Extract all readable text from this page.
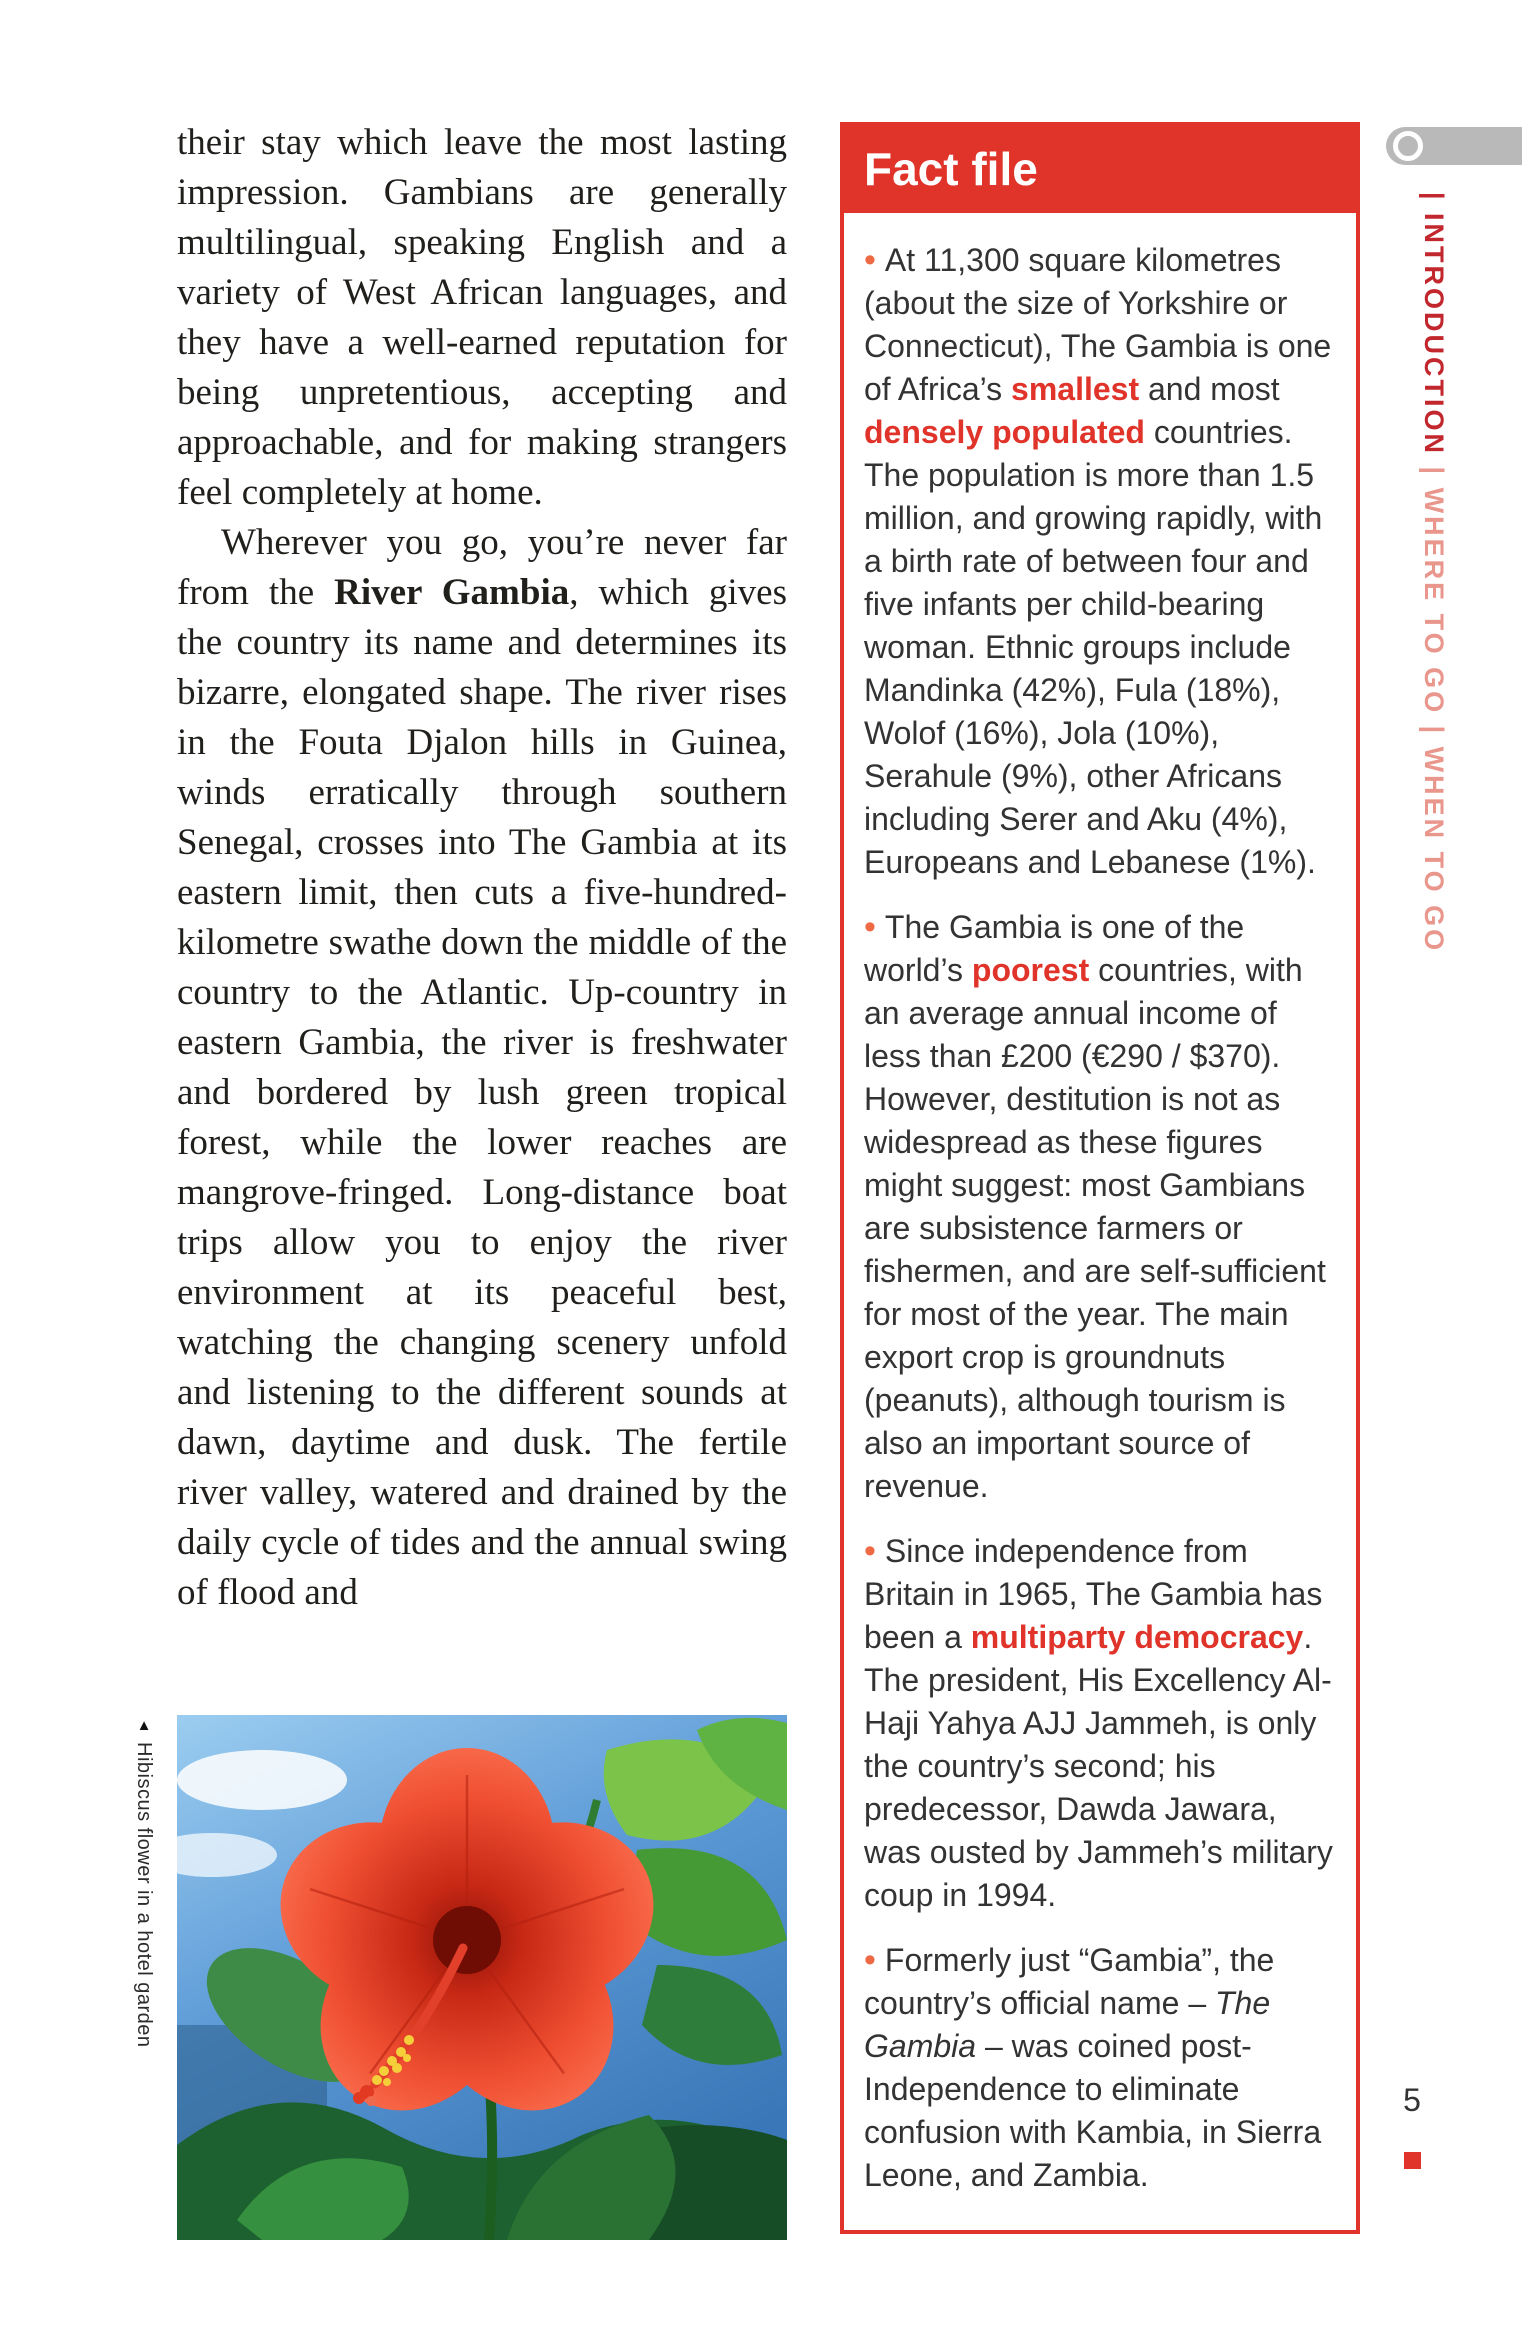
their stay which leave the most lasting impression. Gambians are generally multilingual, speaking English and a variety of West African languages, and they have a well-earned reputation for being unpretentious, accepting and approachable, and for making strangers feel completely at home.

Wherever you go, you’re never far from the River Gambia, which gives the country its name and determines its bizarre, elongated shape. The river rises in the Fouta Djalon hills in Guinea, winds erratically through southern Senegal, crosses into The Gambia at its eastern limit, then cuts a five-hundred-kilometre swathe down the middle of the country to the Atlantic. Up-country in eastern Gambia, the river is freshwater and bordered by lush green tropical forest, while the lower reaches are mangrove-fringed. Long-distance boat trips allow you to enjoy the river environment at its peaceful best, watching the changing scenery unfold and listening to the different sounds at dawn, daytime and dusk. The fertile river valley, watered and drained by the daily cycle of tides and the annual swing of flood and

▲
Hibiscus flower in a hotel garden
Fact file

• At 11,300 square kilometres (about the size of Yorkshire or Connecticut), The Gambia is one of Africa’s smallest and most densely populated countries. The population is more than 1.5 million, and growing rapidly, with a birth rate of between four and five infants per child-bearing woman. Ethnic groups include Mandinka (42%), Fula (18%), Wolof (16%), Jola (10%), Serahule (9%), other Africans including Serer and Aku (4%), Europeans and Lebanese (1%).

• The Gambia is one of the world’s poorest countries, with an average annual income of less than £200 (€290 / $370). However, destitution is not as widespread as these figures might suggest: most Gambians are subsistence farmers or fishermen, and are self-sufficient for most of the year. The main export crop is groundnuts (peanuts), although tourism is also an important source of revenue.

• Since independence from Britain in 1965, The Gambia has been a multiparty democracy. The president, His Excellency Al-Haji Yahya AJJ Jammeh, is only the country’s second; his predecessor, Dawda Jawara, was ousted by Jammeh’s military coup in 1994.

• Formerly just “Gambia”, the country’s official name – The Gambia – was coined post-Independence to eliminate confusion with Kambia, in Sierra Leone, and Zambia.

| INTRODUCTION | WHERE TO GO | WHEN TO GO
5
